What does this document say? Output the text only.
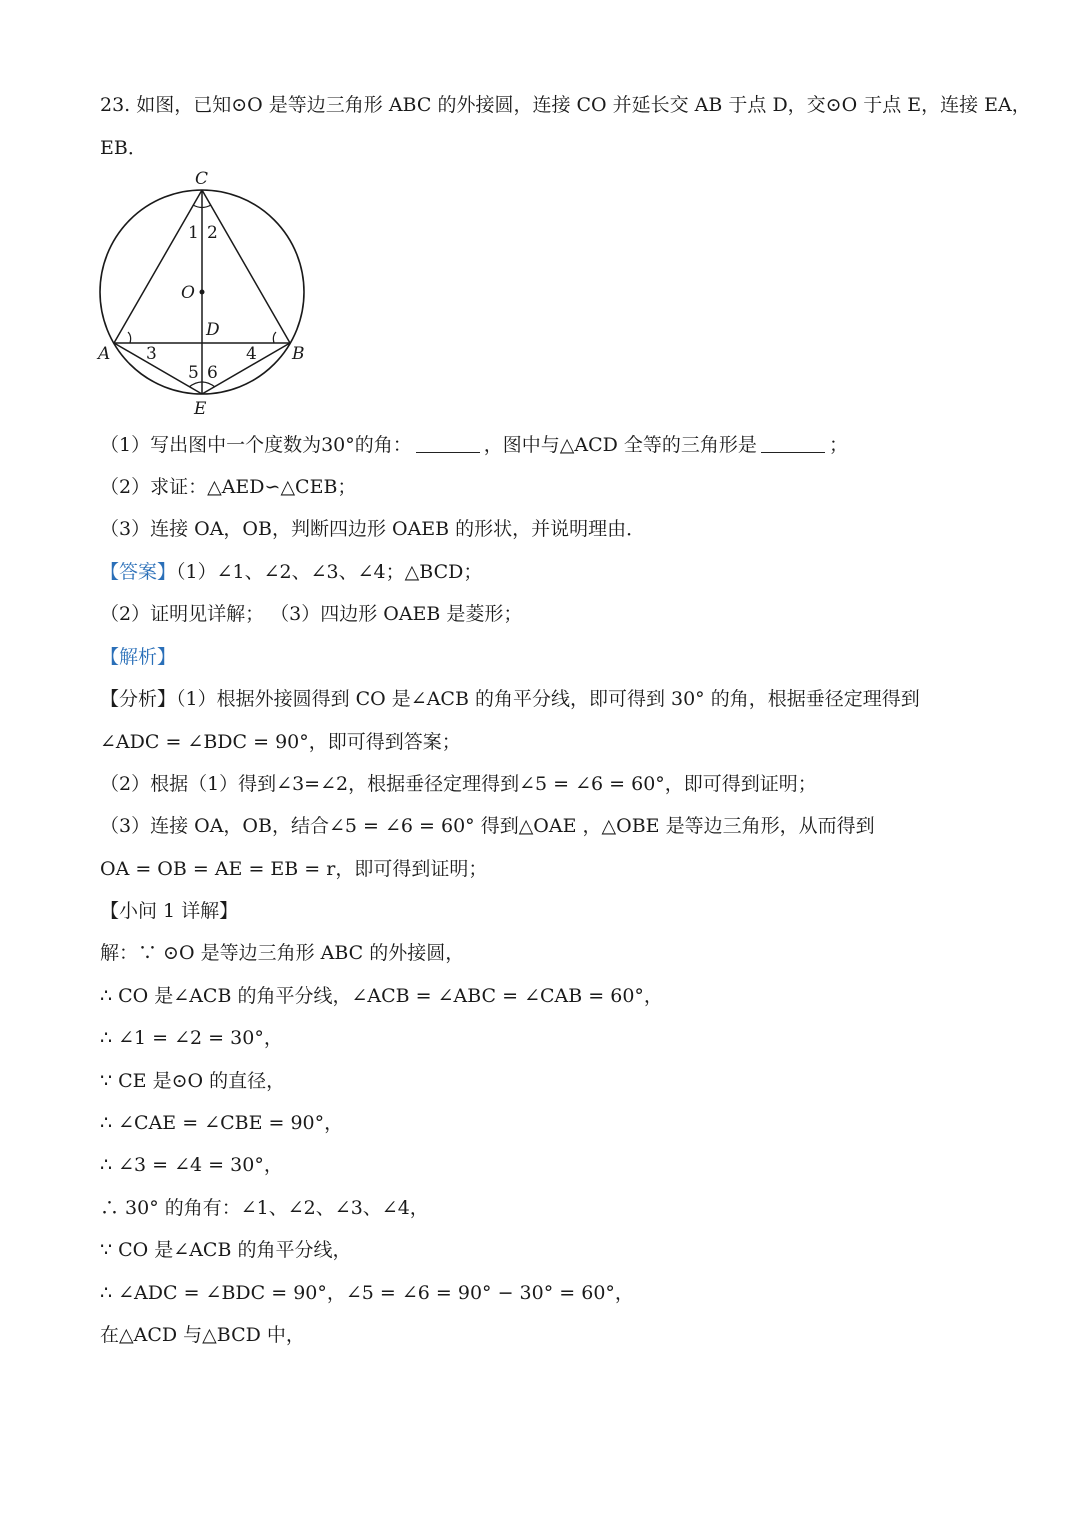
23. 如图，已知⊙O 是等边三角形 ABC 的外接圆，连接 CO 并延长交 AB 于点 D，交⊙O 于点 E，连接 EA，
EB．
C
O
D
A	B
E
1 2
3	4
5 6
（1）写出图中一个度数为30°的角：	，图中与△ACD 全等的三角形是	；
（2）求证：△AED∽△CEB；
（3）连接 OA，OB，判断四边形 OAEB 的形状，并说明理由．
【答案】（1）∠1、∠2、∠3、∠4；△BCD；
（2）证明见详解； （3）四边形 OAEB 是菱形；
【解析】
【分析】（1）根据外接圆得到 CO 是∠ACB 的角平分线，即可得到 30° 的角，根据垂径定理得到
∠ADC = ∠BDC = 90°，即可得到答案；
（2）根据（1）得到∠3=∠2，根据垂径定理得到∠5 = ∠6 = 60°，即可得到证明；
（3）连接 OA，OB，结合∠5 = ∠6 = 60° 得到△OAE ，△OBE 是等边三角形，从而得到
OA = OB = AE = EB = r，即可得到证明；
【小问 1 详解】
解：∵ ⊙O 是等边三角形 ABC 的外接圆，
∴ CO 是∠ACB 的角平分线，∠ACB = ∠ABC = ∠CAB = 60°，
∴ ∠1 = ∠2 = 30°，
∵ CE 是⊙O 的直径，
∴ ∠CAE = ∠CBE = 90°，
∴ ∠3 = ∠4 = 30°，
∴ 30° 的角有：∠1、∠2、∠3、∠4，
∵ CO 是∠ACB 的角平分线，
∴ ∠ADC = ∠BDC = 90°，∠5 = ∠6 = 90° − 30° = 60°，
在△ACD 与△BCD 中，
